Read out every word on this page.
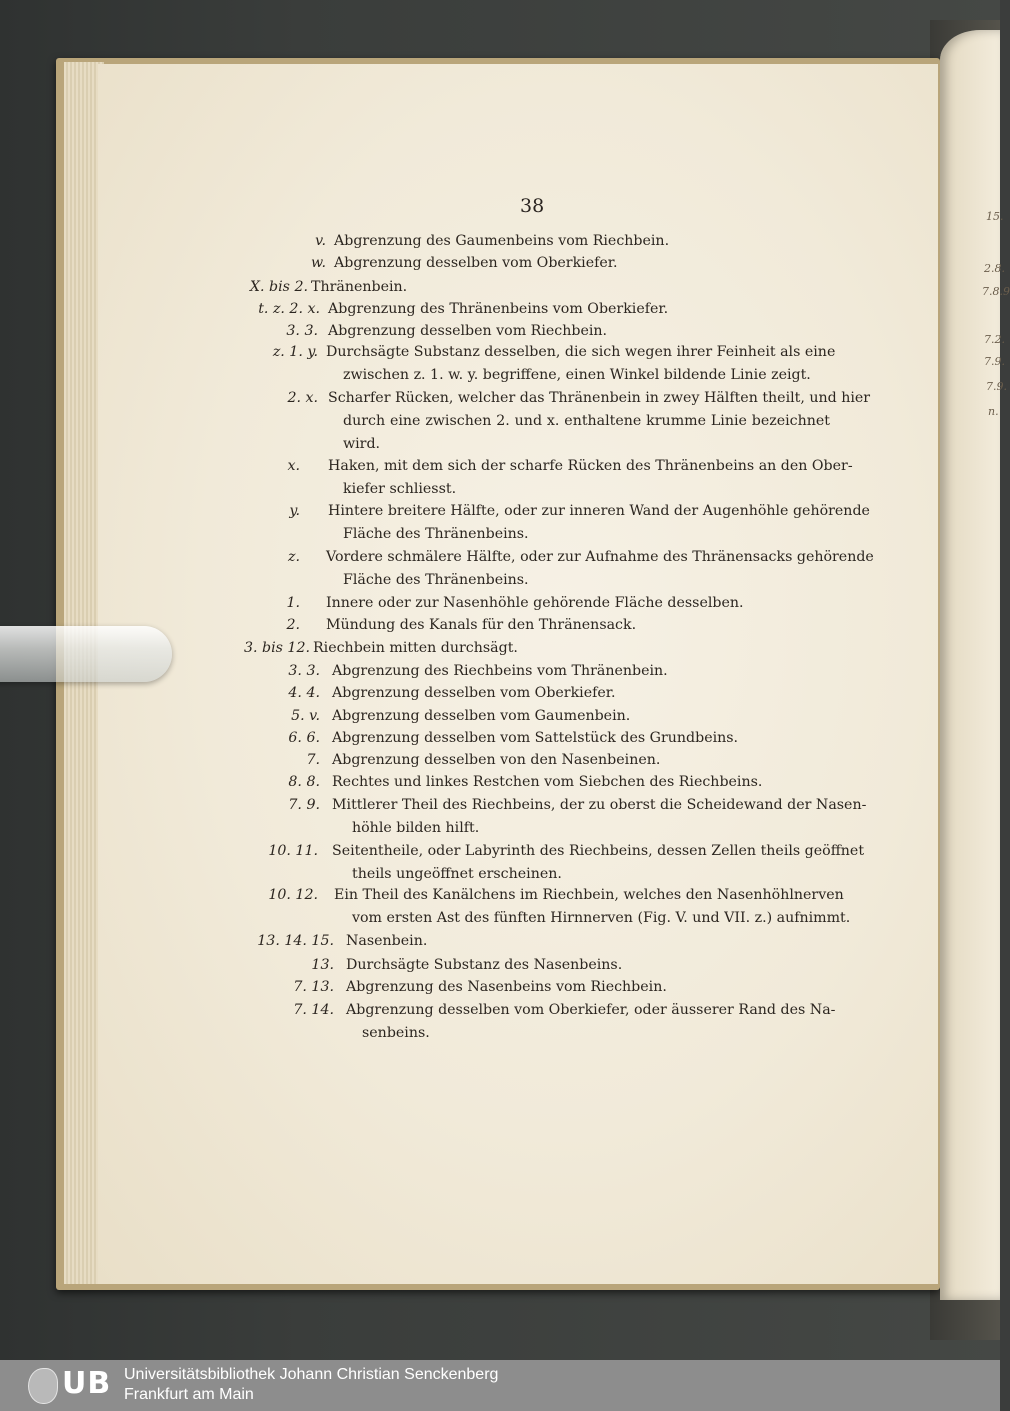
15.
2.8.
7.8.9
7.2.
7.9.
7.9.
n.
38
v. Abgrenzung des Gaumenbeins vom Riechbein.
w. Abgrenzung desselben vom Oberkiefer.
X. bis 2. Thränenbein.
t. z. 2. x. Abgrenzung des Thränenbeins vom Oberkiefer.
3. 3. Abgrenzung desselben vom Riechbein.
z. 1. y. Durchsägte Substanz desselben, die sich wegen ihrer Feinheit als eine
zwischen z. 1. w. y. begriffene, einen Winkel bildende Linie zeigt.
2. x. Scharfer Rücken, welcher das Thränenbein in zwey Hälften theilt, und hier
durch eine zwischen 2. und x. enthaltene krumme Linie bezeichnet
wird.
x. Haken, mit dem sich der scharfe Rücken des Thränenbeins an den Ober-
kiefer schliesst.
y. Hintere breitere Hälfte, oder zur inneren Wand der Augenhöhle gehörende
Fläche des Thränenbeins.
z. Vordere schmälere Hälfte, oder zur Aufnahme des Thränensacks gehörende
Fläche des Thränenbeins.
1. Innere oder zur Nasenhöhle gehörende Fläche desselben.
2. Mündung des Kanals für den Thränensack.
3. bis 12. Riechbein mitten durchsägt.
3. 3. Abgrenzung des Riechbeins vom Thränenbein.
4. 4. Abgrenzung desselben vom Oberkiefer.
5. v. Abgrenzung desselben vom Gaumenbein.
6. 6. Abgrenzung desselben vom Sattelstück des Grundbeins.
7. Abgrenzung desselben von den Nasenbeinen.
8. 8. Rechtes und linkes Restchen vom Siebchen des Riechbeins.
7. 9. Mittlerer Theil des Riechbeins, der zu oberst die Scheidewand der Nasen-
höhle bilden hilft.
10. 11. Seitentheile, oder Labyrinth des Riechbeins, dessen Zellen theils geöffnet
theils ungeöffnet erscheinen.
10. 12. Ein Theil des Kanälchens im Riechbein, welches den Nasenhöhlnerven
vom ersten Ast des fünften Hirnnerven (Fig. V. und VII. z.) aufnimmt.
13. 14. 15. Nasenbein.
13. Durchsägte Substanz des Nasenbeins.
7. 13. Abgrenzung des Nasenbeins vom Riechbein.
7. 14. Abgrenzung desselben vom Oberkiefer, oder äusserer Rand des Na-
senbeins.
UB Universitätsbibliothek Johann Christian Senckenberg
Frankfurt am Main
